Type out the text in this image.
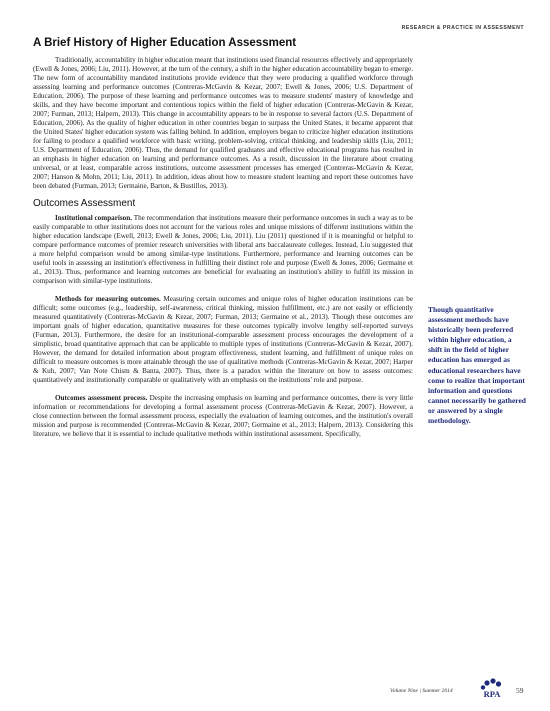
RESEARCH & PRACTICE IN ASSESSMENT
A Brief History of Higher Education Assessment

Traditionally, accountability in higher education meant that institutions used financial resources effectively and appropriately (Ewell & Jones, 2006; Liu, 2011). However, at the turn of the century, a shift in the higher education accountability began to emerge. The new form of accountability mandated institutions provide evidence that they were producing a qualified workforce through assessing learning and performance outcomes (Contreras-McGavin & Kezar, 2007; Ewell & Jones, 2006; U.S. Department of Education, 2006). The purpose of these learning and performance outcomes was to measure students' mastery of knowledge and skills, and they have become important and contentious topics within the field of higher education (Contreras-McGavin & Kezar, 2007; Furman, 2013; Halpern, 2013). This change in accountability appears to be in response to several factors (U.S. Department of Education, 2006). As the quality of higher education in other countries began to surpass the United States, it became apparent that the United States' higher education system was falling behind. In addition, employers began to criticize higher education institutions for failing to produce a qualified workforce with basic writing, problem-solving, critical thinking, and leadership skills (Liu, 2011; U.S. Department of Education, 2006). Thus, the demand for qualified graduates and effective educational programs has resulted in an emphasis in higher education on learning and performance outcomes. As a result, discussion in the literature about creating universal, or at least, comparable across institutions, outcome assessment processes has emerged (Contreras-McGavin & Kezar, 2007; Hanson & Mohn, 2011; Liu, 2011). In addition, ideas about how to measure student learning and report these outcomes have been debated (Furman, 2013; Germaine, Barton, & Bustillos, 2013).

Outcomes Assessment

Institutional comparison. The recommendation that institutions measure their performance outcomes in such a way as to be easily comparable to other institutions does not account for the various roles and unique missions of different institutions within the higher education landscape (Ewell, 2013; Ewell & Jones, 2006; Liu, 2011). Liu (2011) questioned if it is meaningful or helpful to compare performance outcomes of premier research universities with liberal arts baccalaureate colleges. Instead, Liu suggested that a more helpful comparison would be among similar-type institutions. Furthermore, performance and learning outcomes can be useful tools in assessing an institution's effectiveness in fulfilling their distinct role and purpose (Ewell & Jones, 2006; Germaine et al., 2013). Thus, performance and learning outcomes are beneficial for evaluating an institution's ability to fulfill its mission in comparison with similar-type institutions.

Methods for measuring outcomes. Measuring certain outcomes and unique roles of higher education institutions can be difficult; some outcomes (e.g., leadership, self-awareness, critical thinking, mission fulfillment, etc.) are not easily or efficiently measured quantitatively (Contreras-McGavin & Kezar, 2007; Furman, 2013; Germaine et al., 2013). Though these outcomes are important goals of higher education, quantitative measures for these outcomes typically involve lengthy self-reported surveys (Furman, 2013). Furthermore, the desire for an institutional-comparable assessment process encourages the development of a simplistic, broad quantitative approach that can be applicable to multiple types of institutions (Contreras-McGavin & Kezar, 2007). However, the demand for detailed information about program effectiveness, student learning, and fulfillment of unique roles on difficult to measure outcomes is more attainable through the use of qualitative methods (Contreras-McGavin & Kezar, 2007; Harper & Kuh, 2007; Van Note Chism & Banta, 2007). Thus, there is a paradox within the literature on how to assess outcomes: quantitatively and institutionally comparable or qualitatively with an emphasis on the institutions' role and purpose.

Outcomes assessment process. Despite the increasing emphasis on learning and performance outcomes, there is very little information or recommendations for developing a formal assessment process (Contreras-McGavin & Kezar, 2007). However, a close connection between the formal assessment process, especially the evaluation of learning outcomes, and the institution's overall mission and purpose is recommended (Contreras-McGavin & Kezar, 2007; Germaine et al., 2013; Halpern, 2013). Considering this literature, we believe that it is essential to include qualitative methods within institutional assessment. Specifically,

Though quantitative assessment methods have historically been preferred within higher education, a shift in the field of higher education has emerged as educational researchers have come to realize that important information and questions cannot necessarily be gathered or answered by a single methodology.
Volume Nine | Summer 2014	RPA 59
